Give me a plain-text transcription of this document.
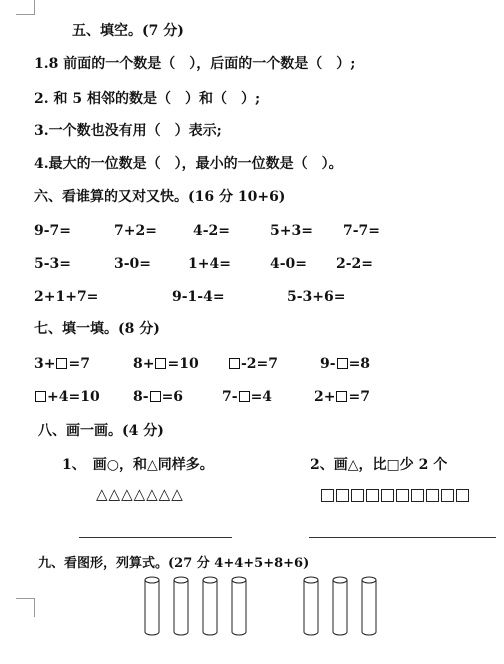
五、填空。(7 分)
1.8 前面的一个数是（　），后面的一个数是（　）;
2. 和 5 相邻的数是（　）和（　）;
3.一个数也没有用（　）表示;
4.最大的一位数是（　），最小的一位数是（　）。
六、看谁算的又对又快。(16 分 10+6)
9-7=	7+2=	4-2=	5+3= 7-7=
5-3=	3-0=	1+4=	4-0= 2-2=
2+1+7=	9-1-4=	5-3+6=
七、填一填。(8 分)
3+ =7	8+ =10	-2=7	9- =8
+4=10 8- =6	7- =4	2+ =7
八、画一画。(4 分)
1、　画○，和△同样多。	2、画△，比□少 2 个
△△△△△△△
九、看图形，列算式。(27 分 4+4+5+8+6)
